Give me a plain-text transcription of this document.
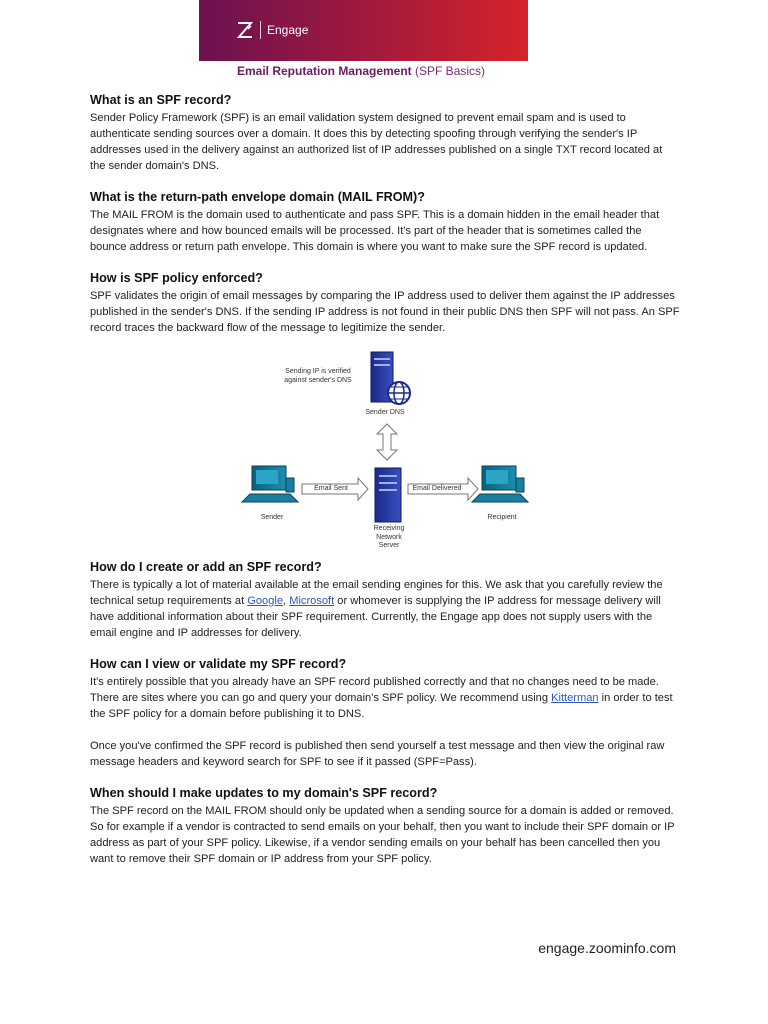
Engage
Email Reputation Management (SPF Basics)
What is an SPF record?

Sender Policy Framework (SPF) is an email validation system designed to prevent email spam and is used to authenticate sending sources over a domain. It does this by detecting spoofing through verifying the sender's IP addresses used in the delivery against an authorized list of IP addresses published on a single TXT record located at the sender domain's DNS.

What is the return-path envelope domain (MAIL FROM)?

The MAIL FROM is the domain used to authenticate and pass SPF. This is a domain hidden in the email header that designates where and how bounced emails will be processed. It's part of the header that is sometimes called the bounce address or return path envelope. This domain is where you want to make sure the SPF record is updated.

How is SPF policy enforced?

SPF validates the origin of email messages by comparing the IP address used to deliver them against the IP addresses published in the sender's DNS. If the sending IP address is not found in their public DNS then SPF will not pass. An SPF record traces the backward flow of the message to legitimize the sender.

Sending IP is verified against sender's DNS
Sender DNS
Sender
Email Sent
Receiving Network Server
Email Delivered
Recipient
How do I create or add an SPF record?

There is typically a lot of material available at the email sending engines for this. We ask that you carefully review the technical setup requirements at Google, Microsoft or whomever is supplying the IP address for message delivery will have additional information about their SPF requirement. Currently, the Engage app does not supply users with the email engine and IP addresses for delivery.

How can I view or validate my SPF record?

It's entirely possible that you already have an SPF record published correctly and that no changes need to be made. There are sites where you can go and query your domain's SPF policy. We recommend using Kitterman in order to test the SPF policy for a domain before publishing it to DNS.

Once you've confirmed the SPF record is published then send yourself a test message and then view the original raw message headers and keyword search for SPF to see if it passed (SPF=Pass).

When should I make updates to my domain's SPF record?

The SPF record on the MAIL FROM should only be updated when a sending source for a domain is added or removed. So for example if a vendor is contracted to send emails on your behalf, then you want to include their SPF domain or IP address as part of your SPF policy. Likewise, if a vendor sending emails on your behalf has been cancelled then you want to remove their SPF domain or IP address from your SPF policy.

engage.zoominfo.com
